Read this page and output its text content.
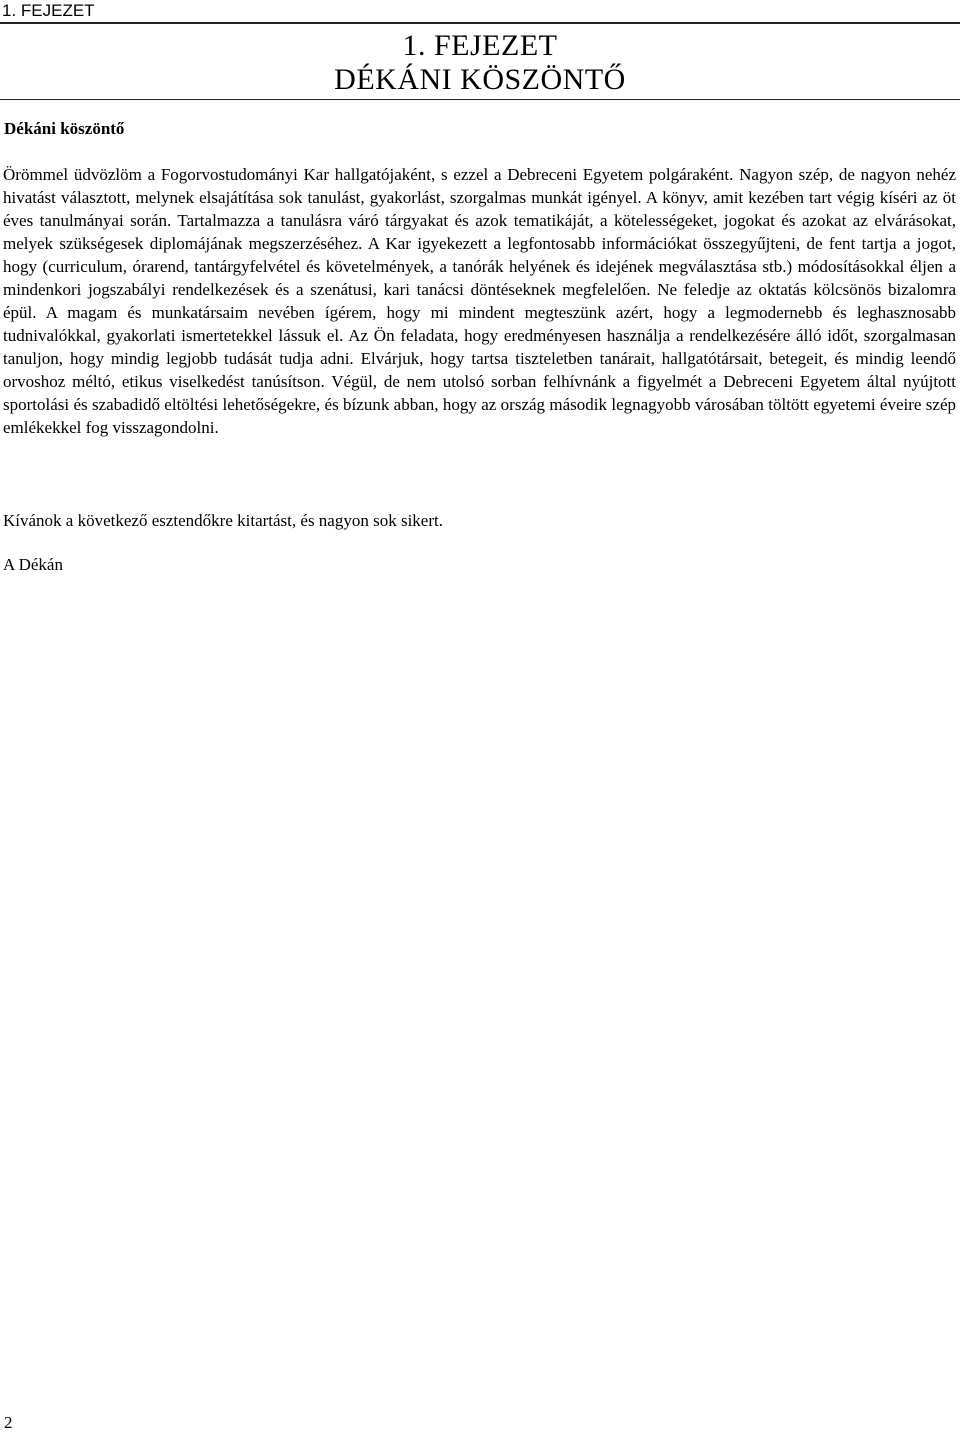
1. FEJEZET
1. FEJEZET
DÉKÁNI KÖSZÖNTŐ
Dékáni köszöntő

Örömmel üdvözlöm a Fogorvostudományi Kar hallgatójaként, s ezzel a Debreceni Egyetem polgáraként. Nagyon szép, de nagyon nehéz hivatást választott, melynek elsajátítása sok tanulást, gyakorlást, szorgalmas munkát igényel. A könyv, amit kezében tart végig kíséri az öt éves tanulmányai során. Tartalmazza a tanulásra váró tárgyakat és azok tematikáját, a kötelességeket, jogokat és azokat az elvárásokat, melyek szükségesek diplomájának megszerzéséhez. A Kar igyekezett a legfontosabb információkat összegyűjteni, de fent tartja a jogot, hogy (curriculum, órarend, tantárgyfelvétel és követelmények, a tanórák helyének és idejének megválasztása stb.) módosításokkal éljen a mindenkori jogszabályi rendelkezések és a szenátusi, kari tanácsi döntéseknek megfelelően. Ne feledje az oktatás kölcsönös bizalomra épül. A magam és munkatársaim nevében ígérem, hogy mi mindent megteszünk azért, hogy a legmodernebb és leghasznosabb tudnivalókkal, gyakorlati ismertetekkel lássuk el. Az Ön feladata, hogy eredményesen használja a rendelkezésére álló időt, szorgalmasan tanuljon, hogy mindig legjobb tudását tudja adni. Elvárjuk, hogy tartsa tiszteletben tanárait, hallgatótársait, betegeit, és mindig leendő orvoshoz méltó, etikus viselkedést tanúsítson. Végül, de nem utolsó sorban felhívnánk a figyelmét a Debreceni Egyetem által nyújtott sportolási és szabadidő eltöltési lehetőségekre, és bízunk abban, hogy az ország második legnagyobb városában töltött egyetemi éveire szép emlékekkel fog visszagondolni.

Kívánok a következő esztendőkre kitartást, és nagyon sok sikert.

A Dékán

2
